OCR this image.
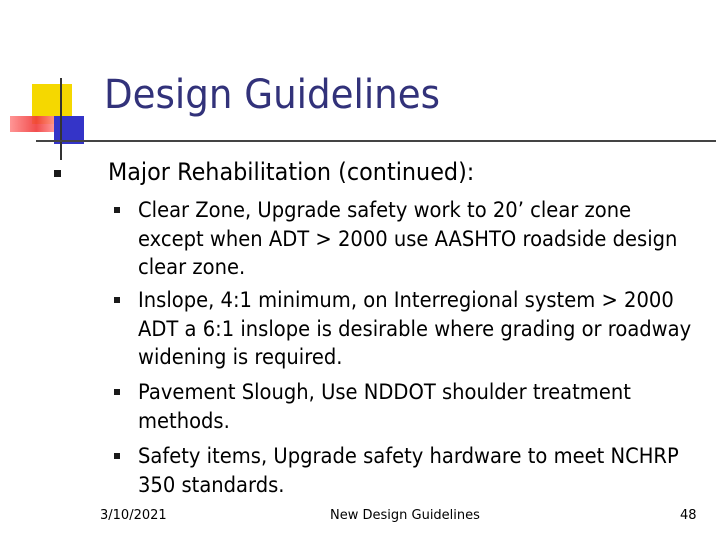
Design Guidelines
Major Rehabilitation (continued):
Clear Zone, Upgrade safety work to 20’ clear zone except when ADT > 2000 use AASHTO roadside design clear zone.
Inslope, 4:1 minimum, on Interregional system > 2000 ADT a 6:1 inslope is desirable where grading or roadway widening is required.
Pavement Slough, Use NDDOT shoulder treatment methods.
Safety items, Upgrade safety hardware to meet NCHRP 350 standards.
3/10/2021	New Design Guidelines	48
